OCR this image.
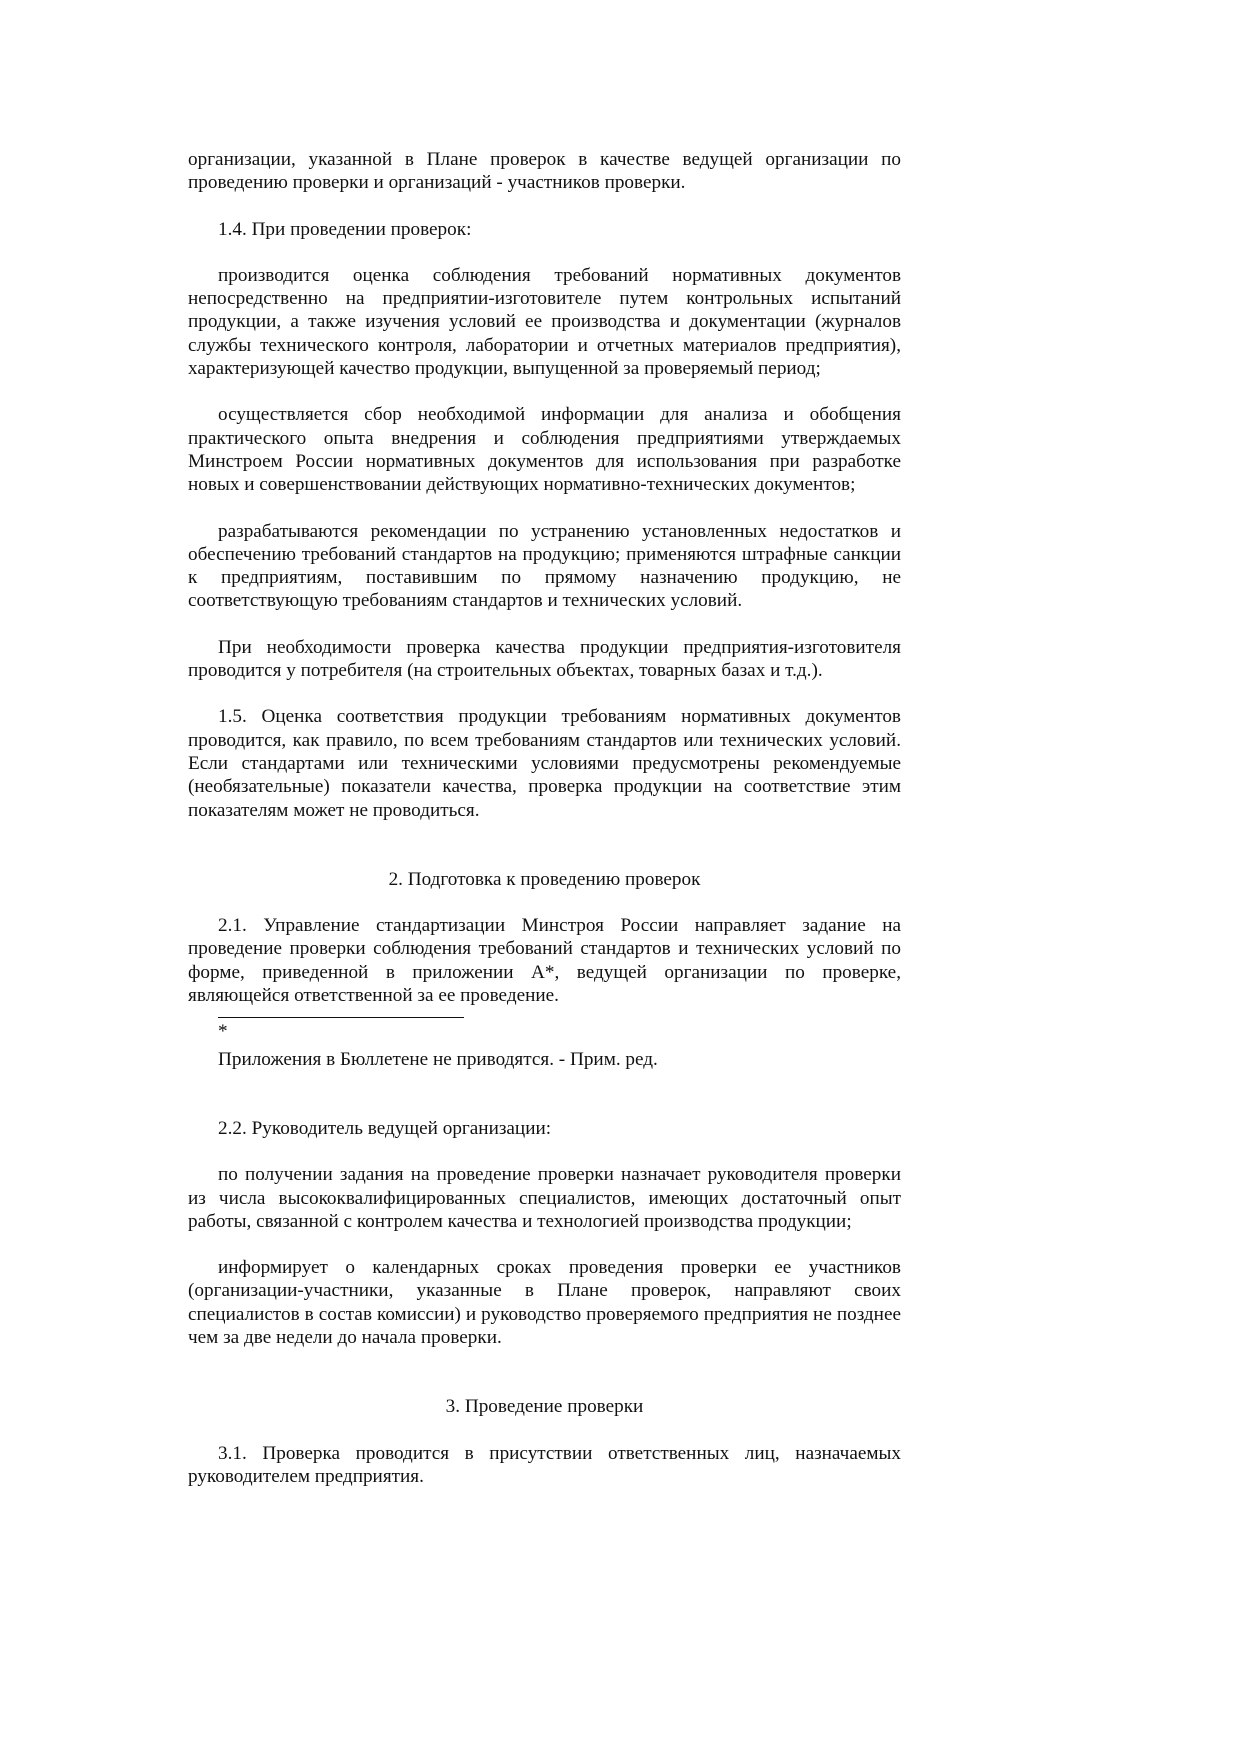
организации, указанной в Плане проверок в качестве ведущей организации по проведению проверки и организаций - участников проверки.

1.4. При проведении проверок:

производится оценка соблюдения требований нормативных документов непосредственно на предприятии-изготовителе путем контрольных испытаний продукции, а также изучения условий ее производства и документации (журналов службы технического контроля, лаборатории и отчетных материалов предприятия), характеризующей качество продукции, выпущенной за проверяемый период;

осуществляется сбор необходимой информации для анализа и обобщения практического опыта внедрения и соблюдения предприятиями утверждаемых Минстроем России нормативных документов для использования при разработке новых и совершенствовании действующих нормативно-технических документов;

разрабатываются рекомендации по устранению установленных недостатков и обеспечению требований стандартов на продукцию; применяются штрафные санкции к предприятиям, поставившим по прямому назначению продукцию, не соответствующую требованиям стандартов и технических условий.

При необходимости проверка качества продукции предприятия-изготовителя проводится у потребителя (на строительных объектах, товарных базах и т.д.).

1.5. Оценка соответствия продукции требованиям нормативных документов проводится, как правило, по всем требованиям стандартов или технических условий. Если стандартами или техническими условиями предусмотрены рекомендуемые (необязательные) показатели качества, проверка продукции на соответствие этим показателям может не проводиться.

2. Подготовка к проведению проверок

2.1. Управление стандартизации Минстроя России направляет задание на проведение проверки соблюдения требований стандартов и технических условий по форме, приведенной в приложении А*, ведущей организации по проверке, являющейся ответственной за ее проведение.

*

Приложения в Бюллетене не приводятся. - Прим. ред.

2.2. Руководитель ведущей организации:

по получении задания на проведение проверки назначает руководителя проверки из числа высококвалифицированных специалистов, имеющих достаточный опыт работы, связанной с контролем качества и технологией производства продукции;

информирует о календарных сроках проведения проверки ее участников (организации-участники, указанные в Плане проверок, направляют своих специалистов в состав комиссии) и руководство проверяемого предприятия не позднее чем за две недели до начала проверки.

3. Проведение проверки

3.1. Проверка проводится в присутствии ответственных лиц, назначаемых руководителем предприятия.
